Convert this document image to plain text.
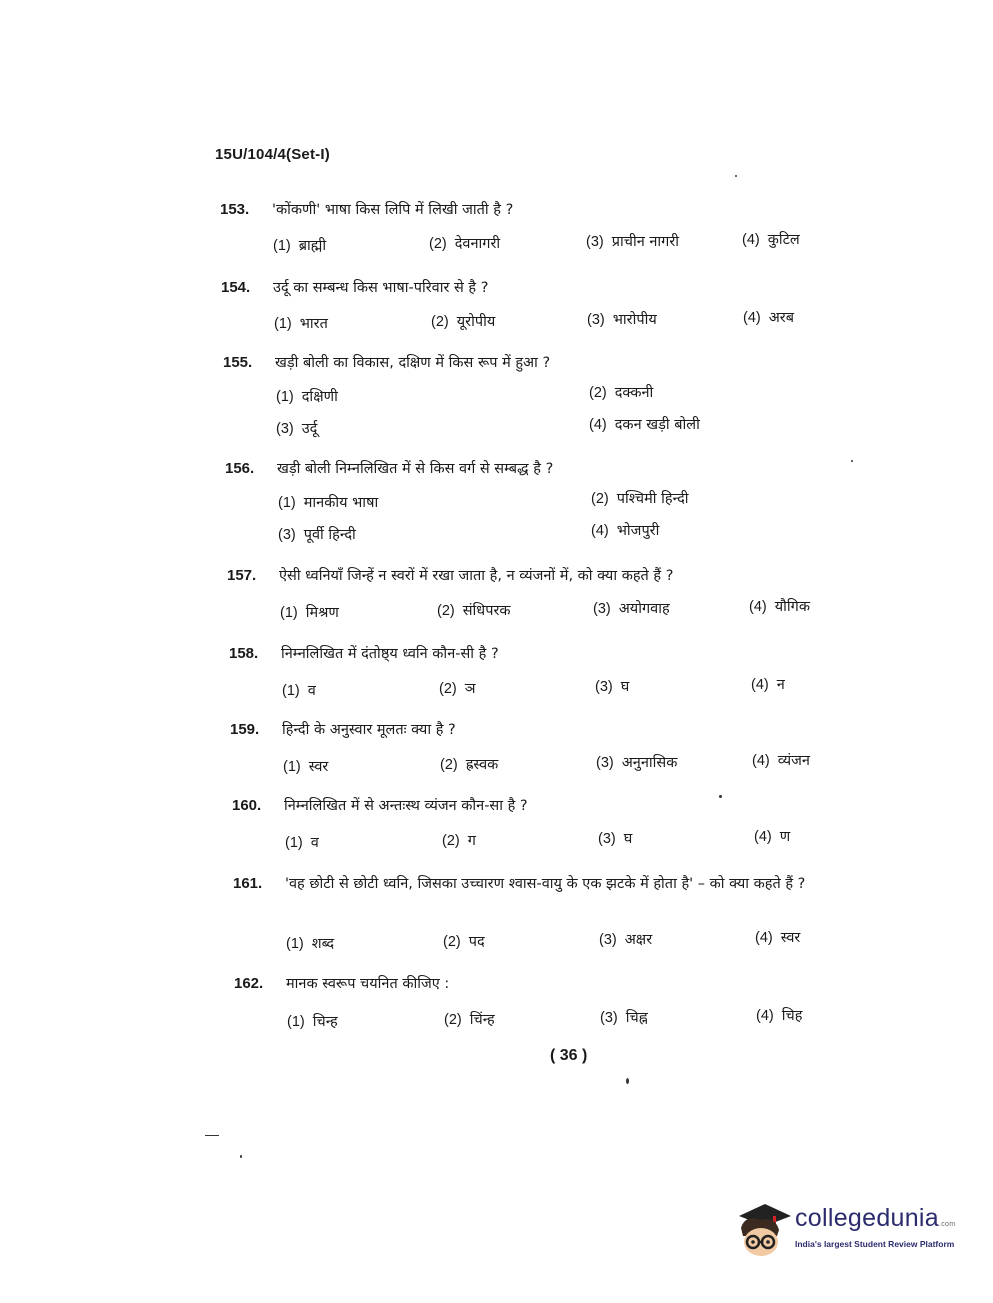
15U/104/4(Set-I)
153. 'कोंकणी' भाषा किस लिपि में लिखी जाती है ?
(1) ब्राह्मी	(2) देवनागरी	(3) प्राचीन नागरी	(4) कुटिल
154. उर्दू का सम्बन्ध किस भाषा-परिवार से है ?
(1) भारत	(2) यूरोपीय	(3) भारोपीय	(4) अरब
155. खड़ी बोली का विकास, दक्षिण में किस रूप में हुआ ?
(1) दक्षिणी	(2) दक्कनी
(3) उर्दू	(4) दकन खड़ी बोली
156. खड़ी बोली निम्नलिखित में से किस वर्ग से सम्बद्ध है ?
(1) मानकीय भाषा	(2) पश्चिमी हिन्दी
(3) पूर्वी हिन्दी	(4) भोजपुरी
157. ऐसी ध्वनियाँ जिन्हें न स्वरों में रखा जाता है, न व्यंजनों में, को क्या कहते हैं ?
(1) मिश्रण	(2) संधिपरक	(3) अयोगवाह	(4) यौगिक
158. निम्नलिखित में दंतोष्ठ्य ध्वनि कौन-सी है ?
(1) व	(2) ञ	(3) घ	(4) न
159. हिन्दी के अनुस्वार मूलतः क्या है ?
(1) स्वर	(2) ह्रस्वक	(3) अनुनासिक	(4) व्यंजन
160. निम्नलिखित में से अन्तःस्थ व्यंजन कौन-सा है ?
(1) व	(2) ग	(3) घ	(4) ण
161. 'वह छोटी से छोटी ध्वनि, जिसका उच्चारण श्वास-वायु के एक झटके में होता है' – को क्या कहते हैं ?
(1) शब्द	(2) पद	(3) अक्षर	(4) स्वर
162. मानक स्वरूप चयनित कीजिए :
(1) चिन्ह	(2) चिंन्ह	(3) चिह्न	(4) चिह
( 36 )
collegedunia.com
India's largest Student Review Platform
